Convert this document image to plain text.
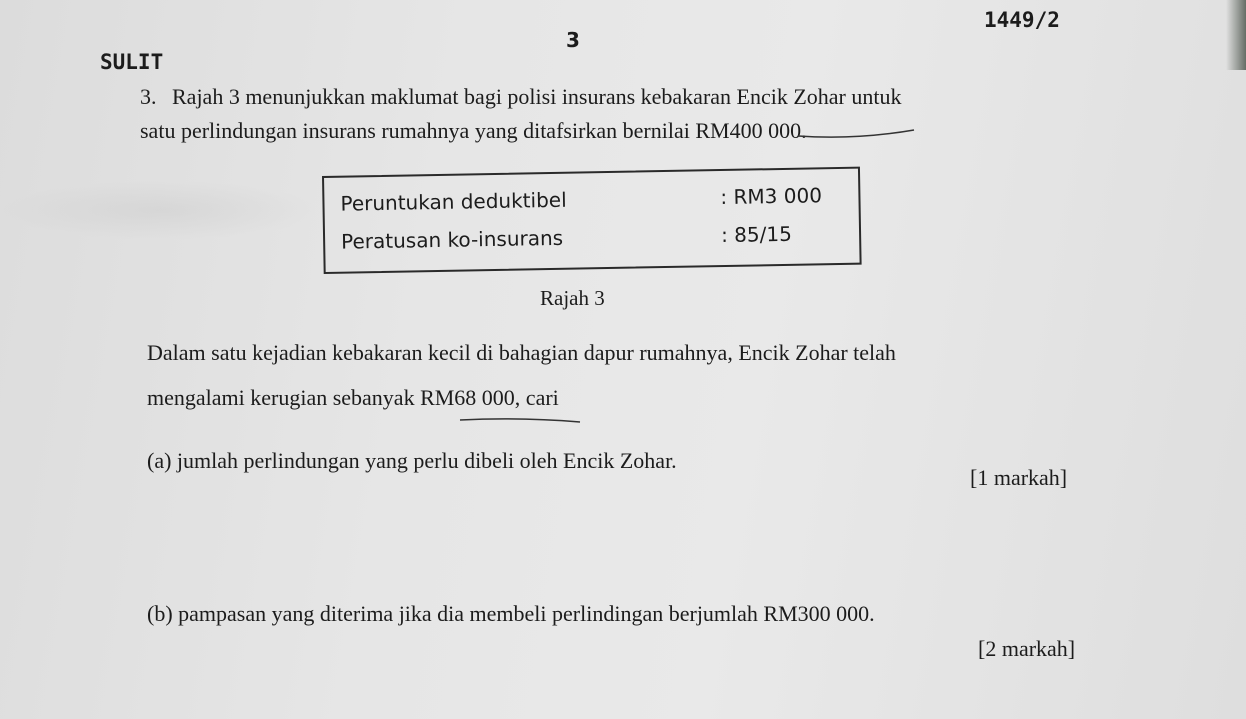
1449/2
3
SULIT
3. Rajah 3 menunjukkan maklumat bagi polisi insurans kebakaran Encik Zohar untuk
satu perlindungan insurans rumahnya yang ditafsirkan bernilai RM400 000.
Peruntukan deduktibel	: RM3 000
Peratusan ko-insurans	: 85/15
Rajah 3
Dalam satu kejadian kebakaran kecil di bahagian dapur rumahnya, Encik Zohar telah
mengalami kerugian sebanyak RM68 000, cari
(a) jumlah perlindungan yang perlu dibeli oleh Encik Zohar.
[1 markah]
(b) pampasan yang diterima jika dia membeli perlindingan berjumlah RM300 000.
[2 markah]
